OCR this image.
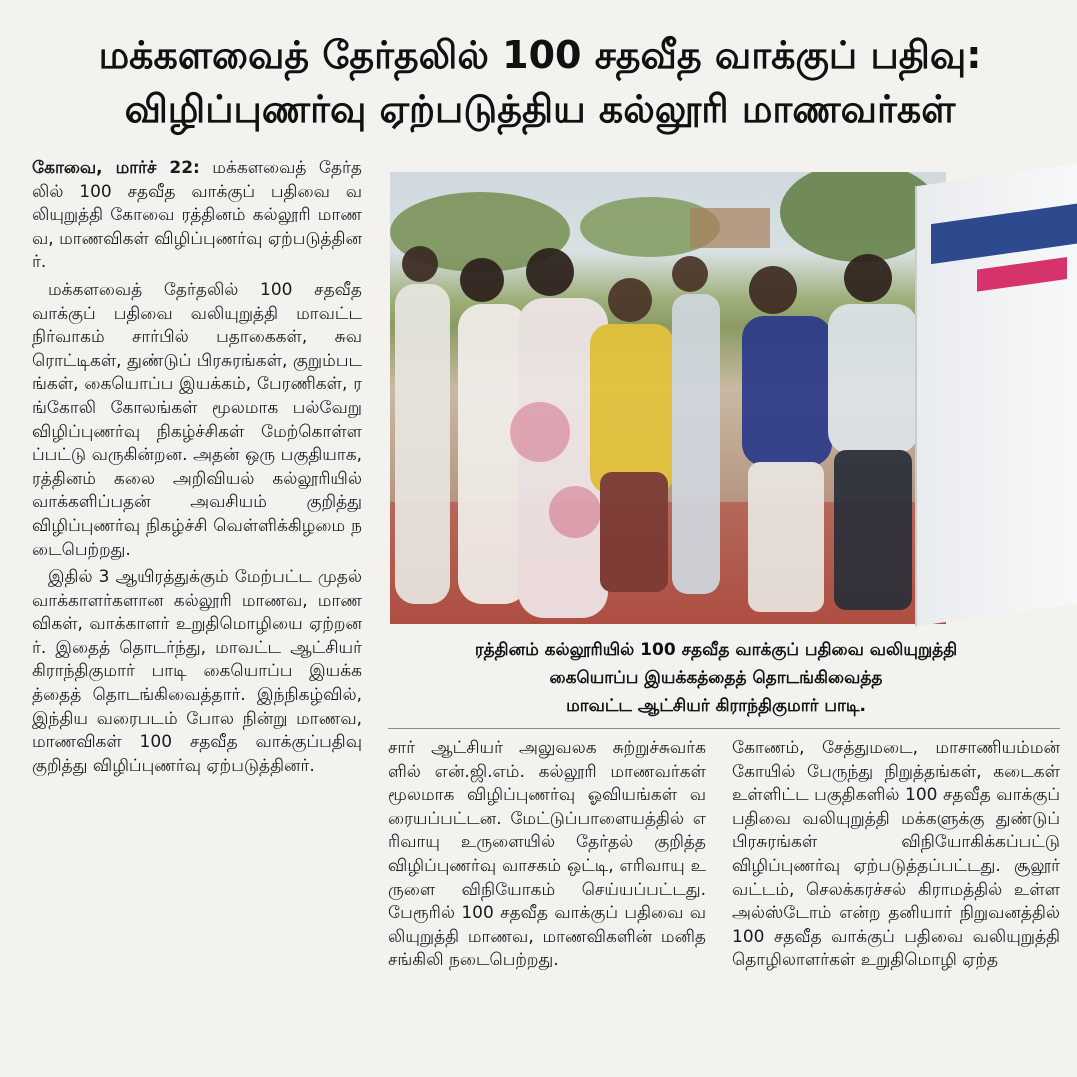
மக்களவைத் தேர்தலில் 100 சதவீத வாக்குப் பதிவு:
விழிப்புணர்வு ஏற்படுத்திய கல்லூரி மாணவர்கள்

கோவை, மார்ச் 22: மக்களவைத் தேர்தலில் 100 சதவீத வாக்குப் பதிவை வலியுறுத்தி கோவை ரத்தினம் கல்லூரி மாணவ, மாணவிகள் விழிப்புணர்வு ஏற்படுத்தினர்.

மக்களவைத் தேர்தலில் 100 சதவீத வாக்குப் பதிவை வலியுறுத்தி மாவட்ட நிர்வாகம் சார்பில் பதாகைகள், சுவரொட்டிகள், துண்டுப் பிரசுரங்கள், குறும்படங்கள், கையொப்ப இயக்கம், பேரணிகள், ரங்கோலி கோலங்கள் மூலமாக பல்வேறு விழிப்புணர்வு நிகழ்ச்சிகள் மேற்கொள்ளப்பட்டு வருகின்றன. அதன் ஒரு பகுதியாக, ரத்தினம் கலை அறிவியல் கல்லூரியில் வாக்களிப்பதன் அவசியம் குறித்து விழிப்புணர்வு நிகழ்ச்சி வெள்ளிக்கிழமை நடைபெற்றது.

இதில் 3 ஆயிரத்துக்கும் மேற்பட்ட முதல் வாக்காளர்களான கல்லூரி மாணவ, மாணவிகள், வாக்காளர் உறுதிமொழியை ஏற்றனர். இதைத் தொடர்ந்து, மாவட்ட ஆட்சியர் கிராந்திகுமார் பாடி கையொப்ப இயக்கத்தைத் தொடங்கிவைத்தார். இந்நிகழ்வில், இந்திய வரைபடம் போல நின்று மாணவ, மாணவிகள் 100 சதவீத வாக்குப்பதிவு குறித்து விழிப்புணர்வு ஏற்படுத்தினர்.

ரத்தினம் கல்லூரியில் 100 சதவீத வாக்குப் பதிவை வலியுறுத்தி
கையொப்ப இயக்கத்தைத் தொடங்கிவைத்த
மாவட்ட ஆட்சியர் கிராந்திகுமார் பாடி.

சார் ஆட்சியர் அலுவலக சுற்றுச்சுவர்களில் என்.ஜி.எம். கல்லூரி மாணவர்கள் மூலமாக விழிப்புணர்வு ஓவியங்கள் வரையப்பட்டன. மேட்டுப்பாளையத்தில் எரிவாயு உருளையில் தேர்தல் குறித்த விழிப்புணர்வு வாசகம் ஒட்டி, எரிவாயு உருளை விநியோகம் செய்யப்பட்டது. பேரூரில் 100 சதவீத வாக்குப் பதிவை வலியுறுத்தி மாணவ, மாணவிகளின் மனித சங்கிலி நடைபெற்றது.

கோணம், சேத்துமடை, மாசாணியம்மன் கோயில் பேருந்து நிறுத்தங்கள், கடைகள் உள்ளிட்ட பகுதிகளில் 100 சதவீத வாக்குப் பதிவை வலியுறுத்தி மக்களுக்கு துண்டுப் பிரசுரங்கள் விநியோகிக்கப்பட்டு விழிப்புணர்வு ஏற்படுத்தப்பட்டது. சூலூர் வட்டம், செலக்கரச்சல் கிராமத்தில் உள்ள அல்ஸ்டோம் என்ற தனியார் நிறுவனத்தில் 100 சதவீத வாக்குப் பதிவை வலியுறுத்தி தொழிலாளர்கள் உறுதிமொழி ஏற்த
